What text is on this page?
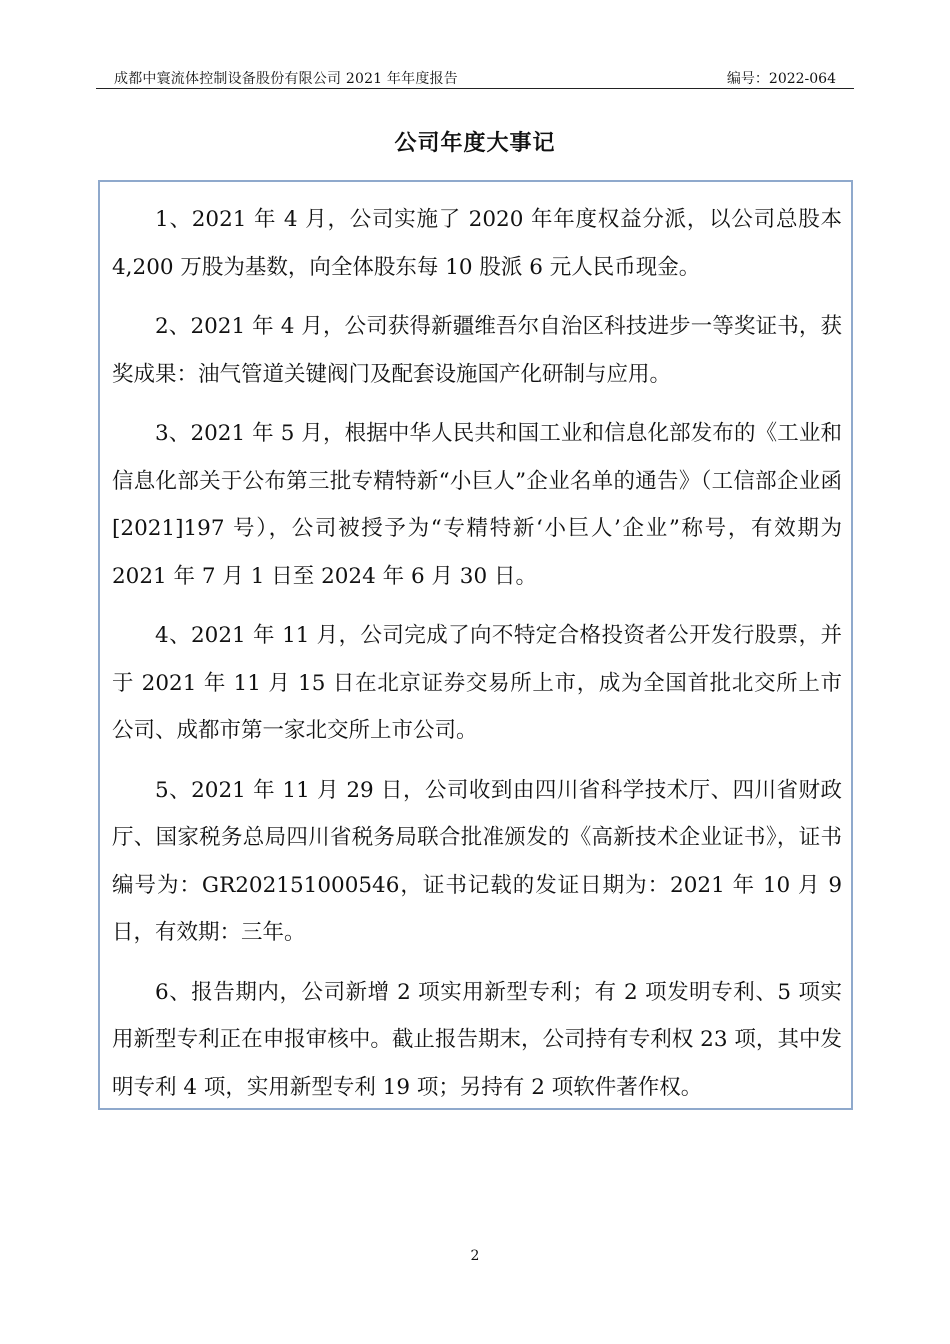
成都中寰流体控制设备股份有限公司 2021 年年度报告	编号：2022-064
公司年度大事记

1、2021 年 4 月，公司实施了 2020 年年度权益分派，以公司总股本 4,200 万股为基数，向全体股东每 10 股派 6 元人民币现金。

2、2021 年 4 月，公司获得新疆维吾尔自治区科技进步一等奖证书，获奖成果：油气管道关键阀门及配套设施国产化研制与应用。

3、2021 年 5 月，根据中华人民共和国工业和信息化部发布的《工业和信息化部关于公布第三批专精特新“小巨人”企业名单的通告》（工信部企业函[2021]197 号），公司被授予为“专精特新‘小巨人’企业”称号，有效期为 2021 年 7 月 1 日至 2024 年 6 月 30 日。

4、2021 年 11 月，公司完成了向不特定合格投资者公开发行股票，并于 2021 年 11 月 15 日在北京证券交易所上市，成为全国首批北交所上市公司、成都市第一家北交所上市公司。

5、2021 年 11 月 29 日，公司收到由四川省科学技术厅、四川省财政厅、国家税务总局四川省税务局联合批准颁发的《高新技术企业证书》，证书编号为：GR202151000546，证书记载的发证日期为：2021 年 10 月 9 日，有效期：三年。

6、报告期内，公司新增 2 项实用新型专利；有 2 项发明专利、5 项实用新型专利正在申报审核中。截止报告期末，公司持有专利权 23 项，其中发明专利 4 项，实用新型专利 19 项；另持有 2 项软件著作权。

2
